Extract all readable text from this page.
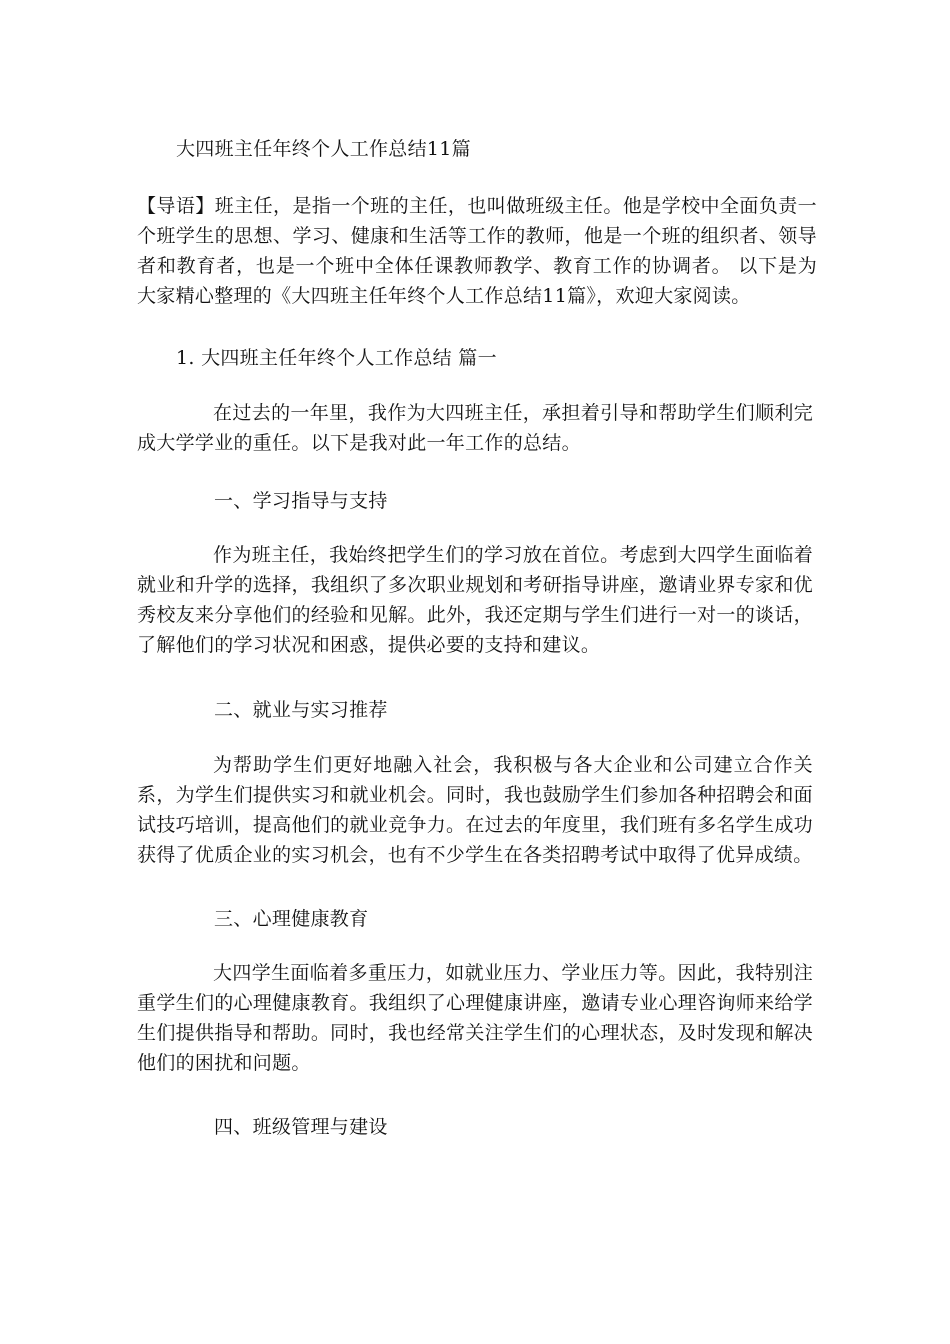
大四班主任年终个人工作总结11篇
【导语】班主任，是指一个班的主任，也叫做班级主任。他是学校中全面负责一个班学生的思想、学习、健康和生活等工作的教师，他是一个班的组织者、领导者和教育者，也是一个班中全体任课教师教学、教育工作的协调者。 以下是为大家精心整理的《大四班主任年终个人工作总结11篇》，欢迎大家阅读。
1. 大四班主任年终个人工作总结 篇一
在过去的一年里，我作为大四班主任，承担着引导和帮助学生们顺利完成大学学业的重任。以下是我对此一年工作的总结。
一、学习指导与支持
作为班主任，我始终把学生们的学习放在首位。考虑到大四学生面临着就业和升学的选择，我组织了多次职业规划和考研指导讲座，邀请业界专家和优秀校友来分享他们的经验和见解。此外，我还定期与学生们进行一对一的谈话，了解他们的学习状况和困惑，提供必要的支持和建议。
二、就业与实习推荐
为帮助学生们更好地融入社会，我积极与各大企业和公司建立合作关系，为学生们提供实习和就业机会。同时，我也鼓励学生们参加各种招聘会和面试技巧培训，提高他们的就业竞争力。在过去的年度里，我们班有多名学生成功获得了优质企业的实习机会，也有不少学生在各类招聘考试中取得了优异成绩。
三、心理健康教育
大四学生面临着多重压力，如就业压力、学业压力等。因此，我特别注重学生们的心理健康教育。我组织了心理健康讲座，邀请专业心理咨询师来给学生们提供指导和帮助。同时，我也经常关注学生们的心理状态，及时发现和解决他们的困扰和问题。
四、班级管理与建设
